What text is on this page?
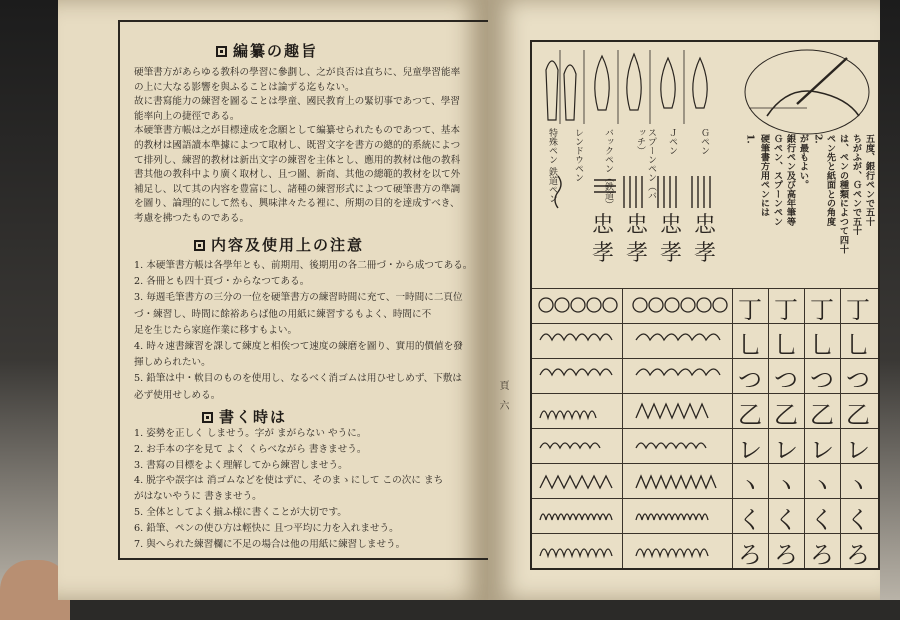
編纂の趣旨

硬筆書方があらゆる教科の學習に參劃し、之が良否は直ちに、兒童學習能率

の上に大なる影響を與ふることは論ずる迄もない。

故に書寫能力の練習を圖ることは學童、國民教育上の緊切事であつて、學習

能率向上の捷徑である。

本硬筆書方帳は之が目標達成を念願として編纂せられたものであつて、基本

的教材は國語讀本準據によつて取材し、既習文字を書方の總的的系統によつ

て排列し、練習的教材は新出文字の練習を主体とし、應用的教材は他の教科

書其他の教科中より廣く取材し、且つ圖、新商、其他の總範的教材を以て外

補足し、以て其の内容を豊富にし、諸種の練習形式によつて硬筆書方の準調

を圖り、論理的にして然も、興味津々たる裡に、所期の目的を達成すべき、

考慮を拂つたものである。

内容及使用上の注意
1. 本硬筆書方帳は各學年とも、前期用、後期用の各二冊づ・から成つてある。
2. 各冊とも四十頁づ・からなつてある。
3. 毎週毛筆書方の三分の一位を硬筆書方の練習時間に充て、一時間に二頁位
づ・練習し、時間に餘裕あらば他の用紙に練習するもよく、時間に不
足を生じたら家庭作業に移すもよい。
4. 時々速書練習を課して練度と相俟つて速度の練磨を圖り、實用的價値を發
揮しめられたい。
5. 鉛筆は中・軟目のものを使用し、なるべく消ゴムは用ひせしめず、下敷は
必ず使用せしめる。
書く時は
1. 姿勢を正しく しませう。字が まがらない やうに。
2. お手本の字を見て よく くらべながら 書きませう。
3. 書寫の目標をよく理解してから練習しませう。
4. 脱字や誤字は 消ゴムなどを使はずに、そのまゝにして この次に まち
がはないやうに 書きませう。
5. 全体としてよく揃ふ様に書くことが大切です。
6. 鉛筆、ペンの使ひ方は輕快に 且つ平均に力を入れませう。
7. 與へられた練習欄に不足の場合は他の用紙に練習しませう。
頁　六
特殊ペン 鉄道ペン レンドウペン バックペン（鉄道）	スプーンペン（バッチ）	Ｊペン Ｇペン
忠 忠 忠 忠
孝 孝 孝 孝
1. 硬筆書方用ペンには Ｇペン、スプーンペン 銀行ペン及び高年筆等 が最もよい。 2. ペン先と紙面との角度 は、ペンの種類によつて四十 ちがふが、Ｇペンで五十 五度、銀行ペンで五十
丁 丁 丁 丁
乚 乚 乚 乚
つ つ つ つ
乙 乙 乙 乙
レ レ レ レ
ヽ ヽ ヽ ヽ
く く く く
ろ ろ ろ ろ
